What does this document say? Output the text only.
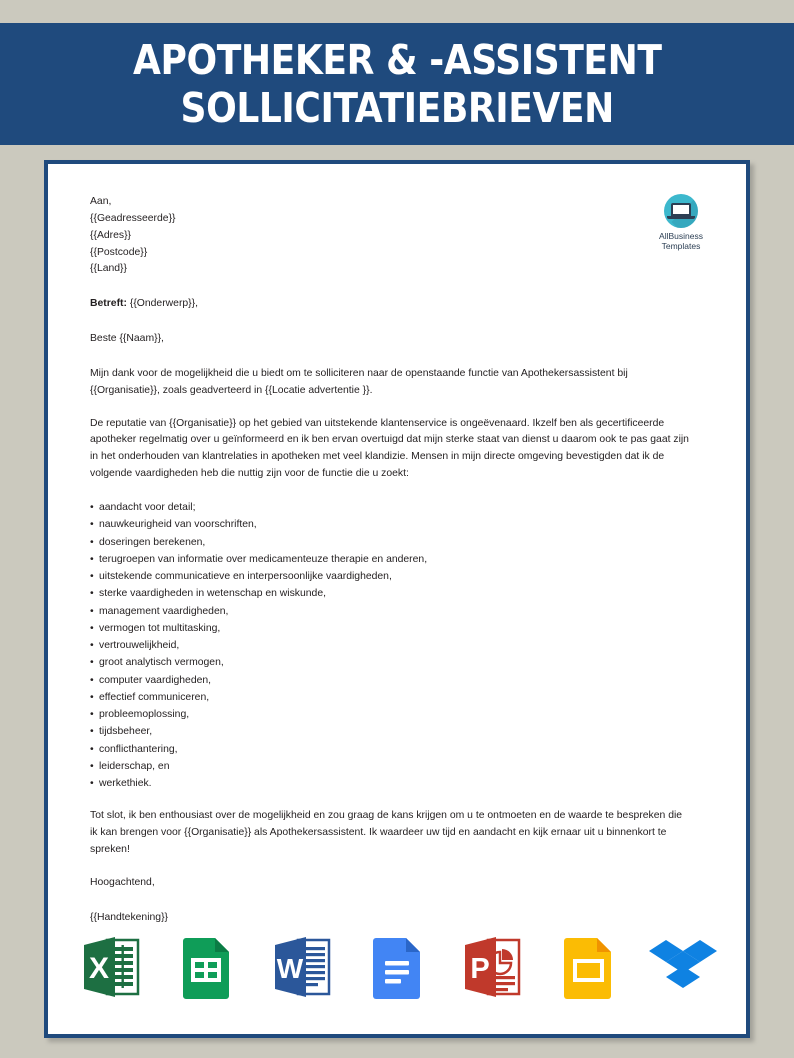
APOTHEKER & -ASSISTENT
SOLLICITATIEBRIEVEN
AllBusiness
Templates
Aan,
{{Geadresseerde}}
{{Adres}}
{{Postcode}}
{{Land}}
Betreft: {{Onderwerp}},
Beste {{Naam}},

Mijn dank voor de mogelijkheid die u biedt om te solliciteren naar de openstaande functie van Apothekersassistent bij {{Organisatie}}, zoals geadverteerd in {{Locatie advertentie }}.

De reputatie van {{Organisatie}} op het gebied van uitstekende klantenservice is ongeëvenaard. Ikzelf ben als gecertificeerde apotheker regelmatig over u geïnformeerd en ik ben ervan overtuigd dat mijn sterke staat van dienst u daarom ook te pas gaat zijn in het onderhouden van klantrelaties in apotheken met veel klandizie. Mensen in mijn directe omgeving bevestigden dat ik de volgende vaardigheden heb die nuttig zijn voor de functie die u zoekt:

• aandacht voor detail;
• nauwkeurigheid van voorschriften,
• doseringen berekenen,
• terugroepen van informatie over medicamenteuze therapie en anderen,
• uitstekende communicatieve en interpersoonlijke vaardigheden,
• sterke vaardigheden in wetenschap en wiskunde,
• management vaardigheden,
• vermogen tot multitasking,
• vertrouwelijkheid,
• groot analytisch vermogen,
• computer vaardigheden,
• effectief communiceren,
• probleemoplossing,
• tijdsbeheer,
• conflicthantering,
• leiderschap, en
• werkethiek.

Tot slot, ik ben enthousiast over de mogelijkheid en zou graag de kans krijgen om u te ontmoeten en de waarde te bespreken die ik kan brengen voor {{Organisatie}} als Apothekersassistent. Ik waardeer uw tijd en aandacht en kijk ernaar uit u binnenkort te spreken!

Hoogachtend,
{{Handtekening}}
X	W	P
